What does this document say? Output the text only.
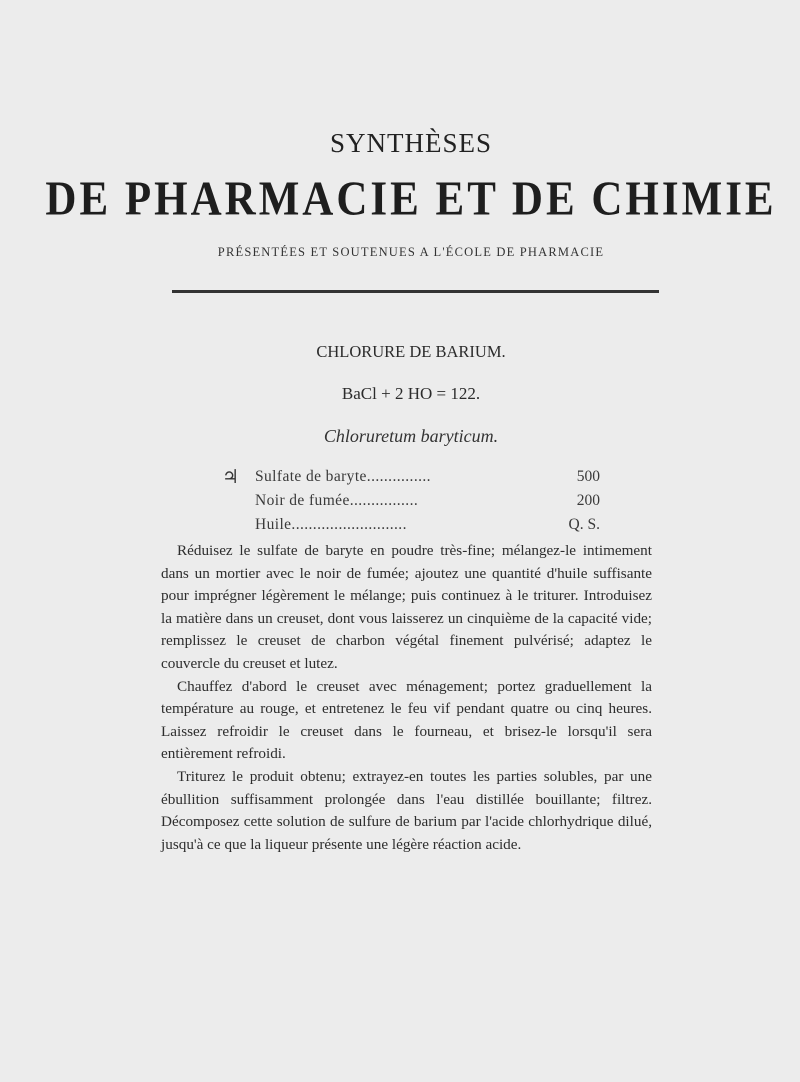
SYNTHÈSES
DE PHARMACIE ET DE CHIMIE
PRÉSENTÉES ET SOUTENUES A L'ÉCOLE DE PHARMACIE
CHLORURE DE BARIUM.
BaCl + 2 HO = 122.
Chloruretum baryticum.
♃ Sulfate de baryte...............	500
Noir de fumée................	200
Huile...........................	Q. S.

Réduisez le sulfate de baryte en poudre très-fine; mélangez-le intimement dans un mortier avec le noir de fumée; ajoutez une quantité d'huile suffisante pour imprégner légèrement le mélange; puis continuez à le triturer. Introduisez la matière dans un creuset, dont vous laisserez un cinquième de la capacité vide; remplissez le creuset de charbon végétal finement pulvérisé; adaptez le couvercle du creuset et lutez.

Chauffez d'abord le creuset avec ménagement; portez graduellement la température au rouge, et entretenez le feu vif pendant quatre ou cinq heures. Laissez refroidir le creuset dans le fourneau, et brisez-le lorsqu'il sera entièrement refroidi.

Triturez le produit obtenu; extrayez-en toutes les parties solubles, par une ébullition suffisamment prolongée dans l'eau distillée bouillante; filtrez. Décomposez cette solution de sulfure de barium par l'acide chlorhydrique dilué, jusqu'à ce que la liqueur présente une légère réaction acide.
